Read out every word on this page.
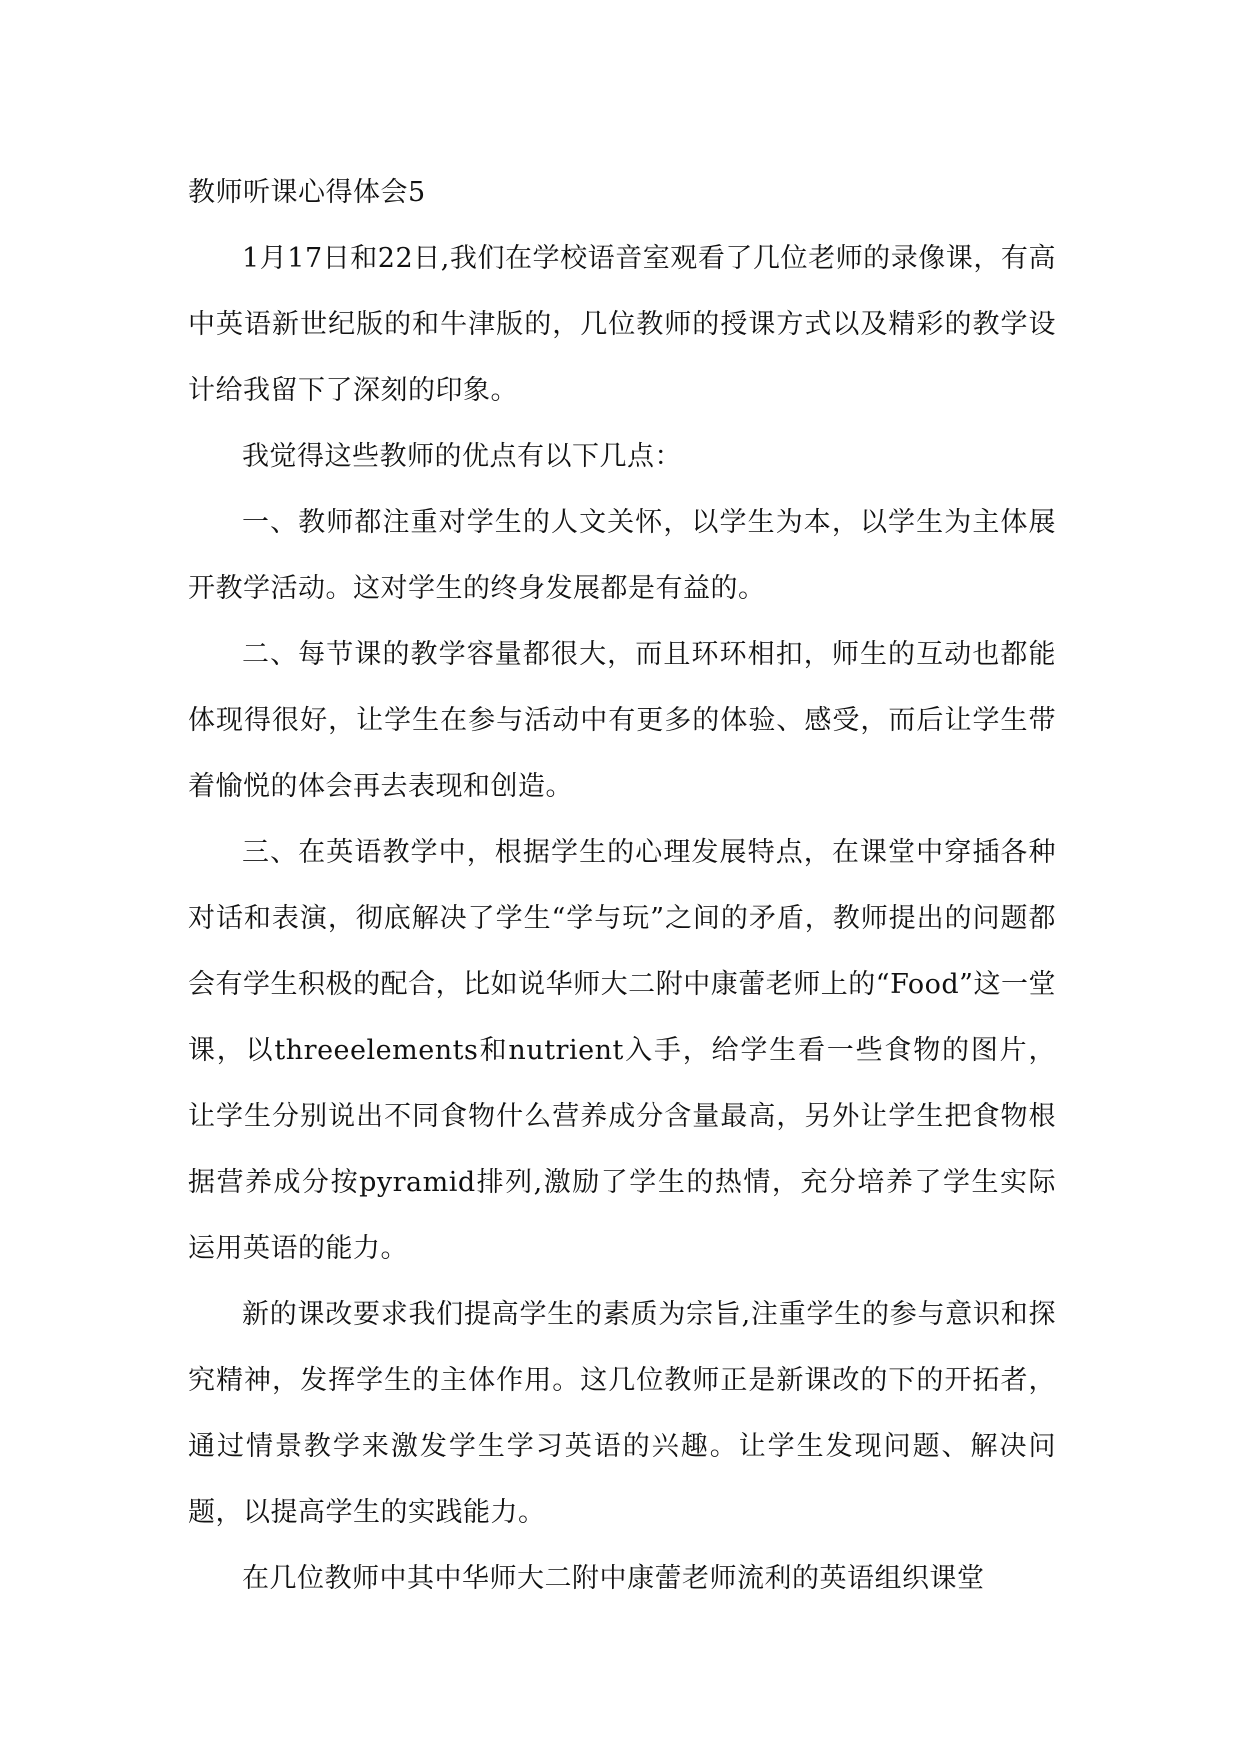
教师听课心得体会5

1月17日和22日,我们在学校语音室观看了几位老师的录像课，有高中英语新世纪版的和牛津版的，几位教师的授课方式以及精彩的教学设计给我留下了深刻的印象。

我觉得这些教师的优点有以下几点：

一、教师都注重对学生的人文关怀，以学生为本，以学生为主体展开教学活动。这对学生的终身发展都是有益的。

二、每节课的教学容量都很大，而且环环相扣，师生的互动也都能体现得很好，让学生在参与活动中有更多的体验、感受，而后让学生带着愉悦的体会再去表现和创造。

三、在英语教学中，根据学生的心理发展特点，在课堂中穿插各种对话和表演，彻底解决了学生“学与玩”之间的矛盾，教师提出的问题都会有学生积极的配合，比如说华师大二附中康蕾老师上的“Food”这一堂课，以threeelements和nutrient入手，给学生看一些食物的图片，让学生分别说出不同食物什么营养成分含量最高，另外让学生把食物根据营养成分按pyramid排列,激励了学生的热情，充分培养了学生实际运用英语的能力。

新的课改要求我们提高学生的素质为宗旨,注重学生的参与意识和探究精神，发挥学生的主体作用。这几位教师正是新课改的下的开拓者，通过情景教学来激发学生学习英语的兴趣。让学生发现问题、解决问题，以提高学生的实践能力。

在几位教师中其中华师大二附中康蕾老师流利的英语组织课堂
